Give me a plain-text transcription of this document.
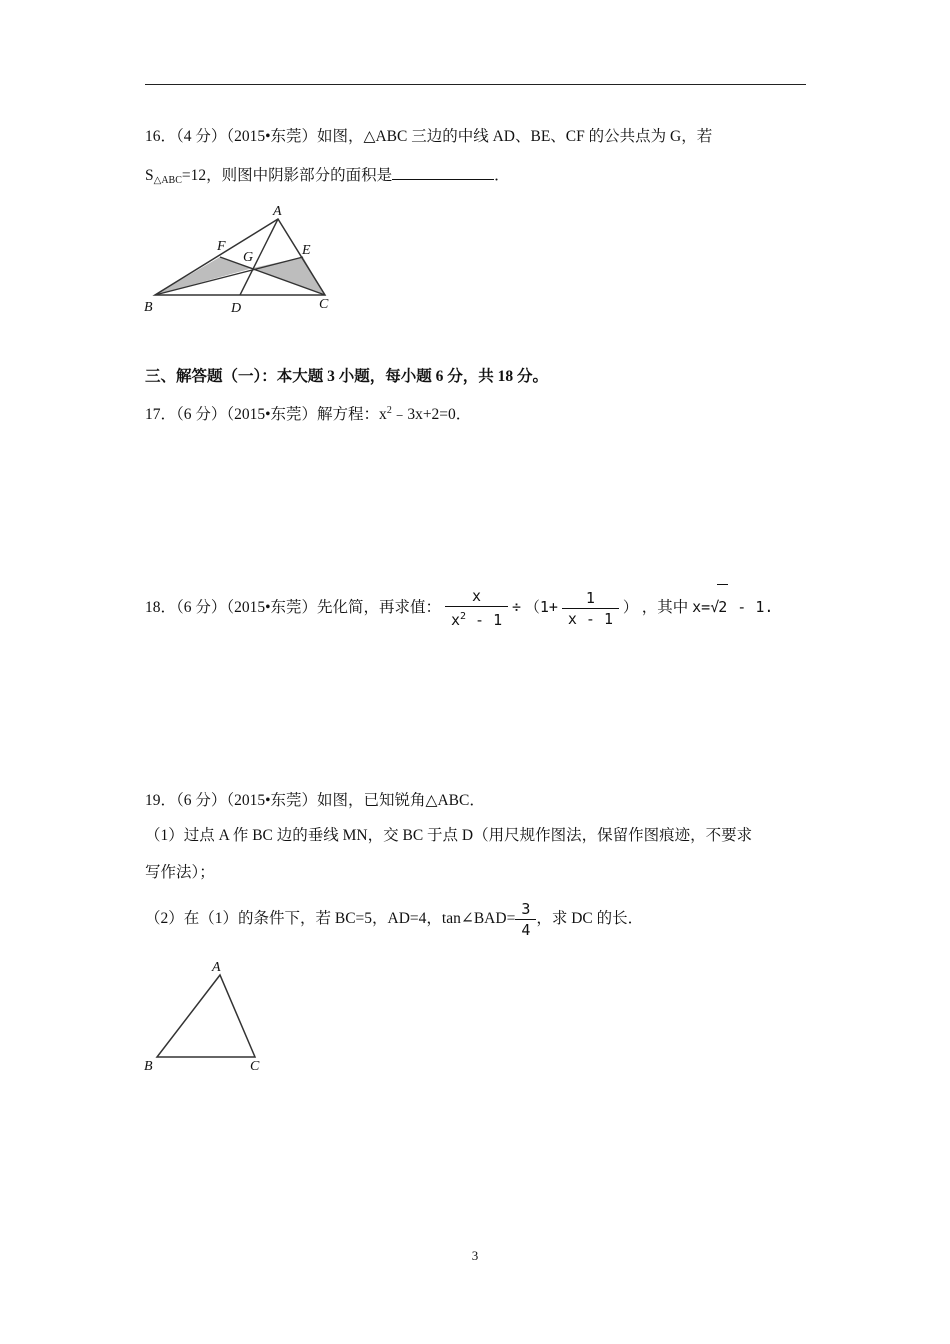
16．（4 分）（2015•东莞）如图，△ABC 三边的中线 AD、BE、CF 的公共点为 G，若
$S_{\triangle ABC}=12$，则图中阴影部分的面积是	．
A
B	C
D
E
F
G
三、解答题（一）：本大题 3 小题，每小题 6 分，共 18 分。
17．（6 分）（2015•东莞）解方程：$x^2﹣3x+2=0$．
18．（6 分）（2015•东莞）先化简，再求值： $\frac{x}{x^2 - 1} \div (1+ \frac{1}{x - 1}$ ） ，其中 x=√2 - 1.
19．（6 分）（2015•东莞）如图，已知锐角△ABC．
（1）过点 A 作 BC 边的垂线 MN，交 BC 于点 D（用尺规作图法，保留作图痕迹，不要求
写作法）；
（2）在（1）的条件下，若 BC=5，AD=4，tan∠BAD= $\frac{3}{4}$ ，求 DC 的长．
A
B	C
3
